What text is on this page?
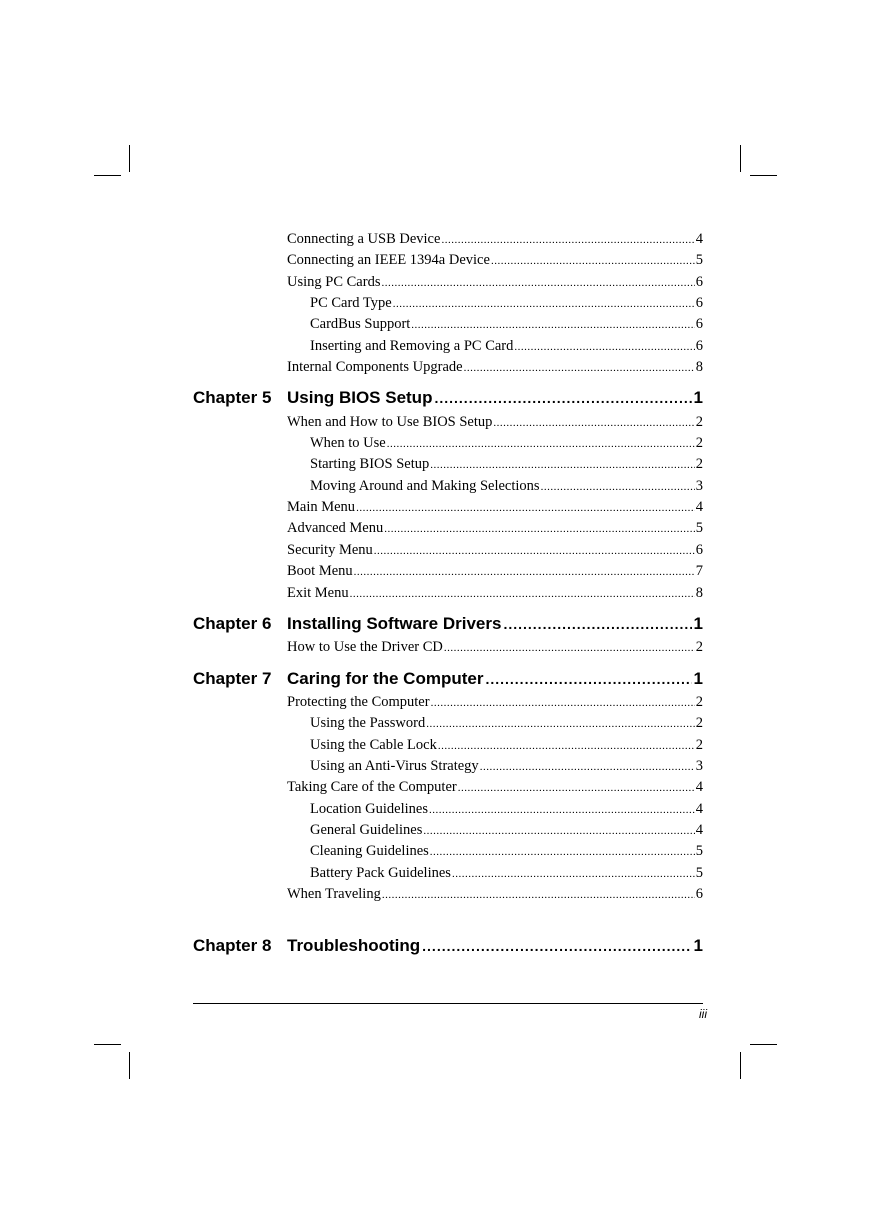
Connecting a USB Device .....	4
Connecting an IEEE 1394a Device .....	5
Using PC Cards .....	6
PC Card Type .....	6
CardBus Support .....	6
Inserting and Removing a PC Card .....	6
Internal Components Upgrade .....	8
Chapter 5 Using BIOS Setup .....	1
When and How to Use BIOS Setup .....	2
When to Use .....	2
Starting BIOS Setup .....	2
Moving Around and Making Selections .....	3
Main Menu .....	4
Advanced Menu .....	5
Security Menu .....	6
Boot Menu .....	7
Exit Menu .....	8
Chapter 6 Installing Software Drivers .....	1
How to Use the Driver CD .....	2
Chapter 7 Caring for the Computer .....	1
Protecting the Computer .....	2
Using the Password .....	2
Using the Cable Lock .....	2
Using an Anti-Virus Strategy .....	3
Taking Care of the Computer .....	4
Location Guidelines .....	4
General Guidelines .....	4
Cleaning Guidelines .....	5
Battery Pack Guidelines .....	5
When Traveling .....	6
Chapter 8 Troubleshooting .....	1
iii
